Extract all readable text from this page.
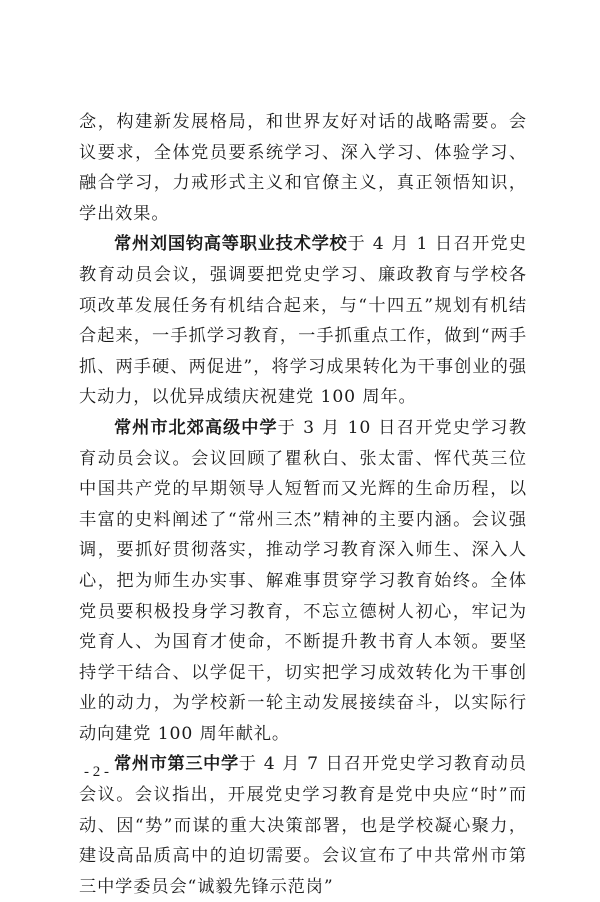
念，构建新发展格局，和世界友好对话的战略需要。会议要求，全体党员要系统学习、深入学习、体验学习、融合学习，力戒形式主义和官僚主义，真正领悟知识，学出效果。

常州刘国钧高等职业技术学校于 4 月 1 日召开党史教育动员会议，强调要把党史学习、廉政教育与学校各项改革发展任务有机结合起来，与“十四五”规划有机结合起来，一手抓学习教育，一手抓重点工作，做到“两手抓、两手硬、两促进”，将学习成果转化为干事创业的强大动力，以优异成绩庆祝建党 100 周年。

常州市北郊高级中学于 3 月 10 日召开党史学习教育动员会议。会议回顾了瞿秋白、张太雷、恽代英三位中国共产党的早期领导人短暂而又光辉的生命历程，以丰富的史料阐述了“常州三杰”精神的主要内涵。会议强调，要抓好贯彻落实，推动学习教育深入师生、深入人心，把为师生办实事、解难事贯穿学习教育始终。全体党员要积极投身学习教育，不忘立德树人初心，牢记为党育人、为国育才使命，不断提升教书育人本领。要坚持学干结合、以学促干，切实把学习成效转化为干事创业的动力，为学校新一轮主动发展接续奋斗，以实际行动向建党 100 周年献礼。

常州市第三中学于 4 月 7 日召开党史学习教育动员会议。会议指出，开展党史学习教育是党中央应“时”而动、因“势”而谋的重大决策部署，也是学校凝心聚力，建设高品质高中的迫切需要。会议宣布了中共常州市第三中学委员会“诚毅先锋示范岗”

- 2 -
